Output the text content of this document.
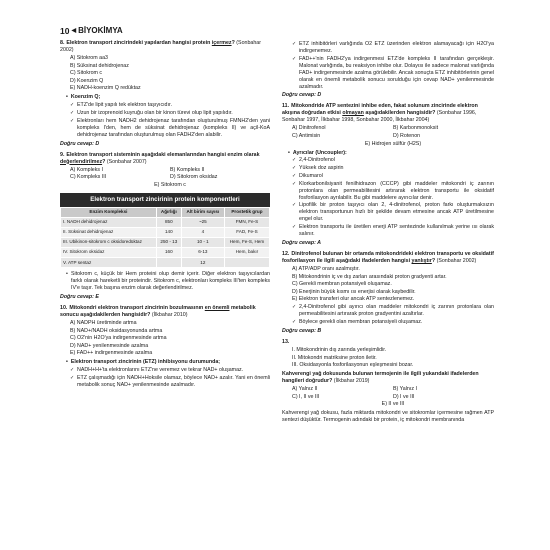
10 ◀ BİYOKİMYA
8. Elektron transport zincirindeki yapılardan hangisi protein içermez? (Sonbahar 2002)
A) Sitokrom aa3
B) Süksinat dehidrojenaz
C) Sitokrom c
D) Koenzim Q
E) NADH-koenzim Q redüktaz
• Koenzim Q;
✓ ETZ'de lipit yapılı tek elektron taşıyıcıdır.
✓ Uzun bir izoprenoid kuyruğu olan bir kinon türevi olup lipit yapılıdır.
✓ Elektronları hem NADH2 dehidrojenaz tarafından oluşturulmuş FMNH2'den yani kompleks I'den, hem de süksinat dehidrojenaz (kompleks II) ve açil-KoA dehidrojenaz tarafından oluşturulmuş olan FADH2'den alabilir.
Doğru cevap: D
9. Elektron transport sisteminin aşağıdaki elemanlarından hangisi enzim olarak değerlendirilmez? (Sonbahar 2007)
A) Kompleks I	B) Kompleks II
C) Kompleks III	D) Sitokrom oksidaz
E) Sitokrom c
Elektron transport zincirinin protein komponentleri
Enzim Kompleksi	Ağırlığı	Alt birim sayısı	Prostetik grup
I. NADH dehidrojenaz	850	~25	FMN, Fe-S
II. Süksinat dehidrojenaz	140	4	FAD, Fe-S
III. Ubikinon-sitokrom c oksidoredüktaz	250 - 13	10 - 1	Hem, Fe-S, Hem
IV. Sitokrom oksidaz	160	6-13	Hem, bakır
V. ATP sentaz		12	
• Sitokrom c, küçük bir Hem proteini olup demir içerir. Diğer elektron taşıyıcılardan farklı olarak hareketli bir proteindir. Sitokrom c, elektronları kompleks III'ten kompleks IV'e taşır. Tek başına enzim olarak değerlendirilmez.
Doğru cevap: E
10. Mitokondri elektron transport zincirinin bozulmasının en önemli metabolik sonucu aşağıdakilerden hangisidir? (İlkbahar 2010)
A) NADPH üretiminde artma
B) NAD+/NADH oksidasyonunda artma
C) O2'nin H2O'ya indirgenmesinde artma
D) NAD+ yenilenmesinde azalma
E) FAD++ indirgenmesinde azalma
• Elektron transport zincirinin (ETZ) inhibisyonu durumunda;
✓ NADH+H+'ta elektronlarını ETZ'ne veremez ve tekrar NAD+ oluşamaz.
✓ ETZ çalışmadığı için NADH+Hoksile olamaz, böylece NAD+ azalır. Yani en önemli metabolik sonuç NAD+ yenilenmesinde azalmadır.
✓ ETZ inhibitörleri varlığında O2 ETZ üzerinden elektron alamayacağı için H2O'ya indirgenemez.
✓ FAD++'nin FADH2'ya indirgenmesi ETZ'de kompleks II tarafından gerçekleşir. Malonat varlığında, bu reaksiyon inhibe olur. Dolayısı ile sadece malonat varlığında FAD+ indirgenmesinde azalma görülebilir. Ancak sonuçta ETZ inhibitörlerinin genel olarak en önemli metabolik sonucu sorulduğu için cevap NAD+ yenilenmesinde azalmadır.
Doğru cevap: D
11. Mitokondride ATP sentezini inhibe eden, fakat solunum zincirinde elektron akışına doğrudan etkisi olmayan aşağıdakilerden hangisidir? (Sonbahar 1996, Sonbahar 1997, İlkbahar 1998, Sonbahar 2000, İlkbahar 2004)
A) Dinitrofenol	B) Karbonmonoksit
C) Antimisin	D) Rotenon
E) Hidrojen sülfür (H2S)
• Ayrıcılar (Uncoupler):
✓ 2,4-Dinitrofenol
✓ Yüksek doz aspirin
✓ Dikumarol
✓ Klorkarbonilsiyanit fenilhidrazon (CCCP) gibi maddeler mitokondri iç zarının protonlara olan permeabilitesini artırarak elektron transportu ile oksidatif fosforilasyon ayrılabilir. Bu gibi maddelere ayırıcılar denir.
✓ Lipofilik bir proton taşıyıcı olan 2, 4-dinitrofenol, proton farkı oluşturmaksızın elektron transportunun hızlı bir şekilde devam etmesine ancak ATP üretilmesine engel olur.
✓ Elektron transportu ile üretilen enerji ATP sentezinde kullanılmak yerine ısı olarak salınır.
Doğru cevap: A
12. Dinitrofenol bulunan bir ortamda mitokondrideki elektron transportu ve oksidatif fosforilasyon ile ilgili aşağıdaki ifadelerden hangisi yanlıştır? (Sonbahar 2002)
A) ATP/ADP oranı azalmıştır.
B) Mitokondrinin iç ve dış zarları arasındaki proton gradyenti artar.
C) Gerekli membran potansiyeli oluşamaz.
D) Enerjinin büyük kısmı ısı enerjisi olarak kaybedilir.
E) Elektron transferi olur ancak ATP sentezlenemez.
✓ 2,4-Dinitrofenol gibi ayırıcı olan maddeler mitokondri iç zarının protonlara olan permeabilitesini artırarak proton gradyentini azaltırlar.
✓ Böylece gerekli olan membran potansiyeli oluşamaz.
Doğru cevap: B
13.
I. Mitokondrinin dış zarında yerleşimlidir.
II. Mitokondri matriksine proton iletir.
III. Oksidasyonla fosforilasyonun eşleşmesini bozar.
Kahverengi yağ dokusunda bulunan termojenin ile ilgili yukarıdaki ifadelerden hangileri doğrudur? (İlkbahar 2019)
A) Yalnız II	B) Yalnız I
C) I, II ve III	D) I ve III
E) II ve III
Kahverengi yağ dokusu, fazla miktarda mitokondri ve sitokromlar içermesine rağmen ATP sentezi düşüktür. Termogenin adındaki bir protein, iç mitokondri membranında
